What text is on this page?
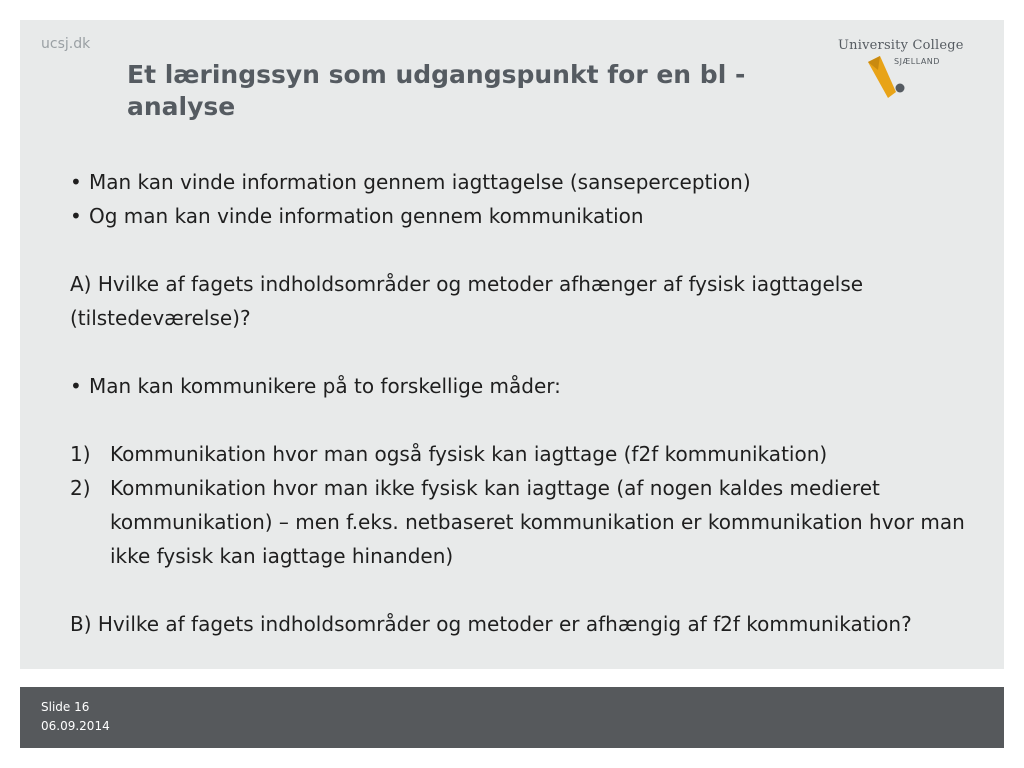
ucsj.dk
Et læringssyn som udgangspunkt for en bl - analyse
University College
SJÆLLAND
• Man kan vinde information gennem iagttagelse (sanseperception)
• Og man kan vinde information gennem kommunikation

A) Hvilke af fagets indholdsområder og metoder afhænger af fysisk iagttagelse (tilstedeværelse)?

• Man kan kommunikere på to forskellige måder:
1) Kommunikation hvor man også fysisk kan iagttage (f2f kommunikation)
2) Kommunikation hvor man ikke fysisk kan iagttage (af nogen kaldes medieret kommunikation) – men f.eks. netbaseret kommunikation er kommunikation hvor man ikke fysisk kan iagttage hinanden)

B) Hvilke af fagets indholdsområder og metoder er afhængig af f2f kommunikation?

Slide 16
06.09.2014
